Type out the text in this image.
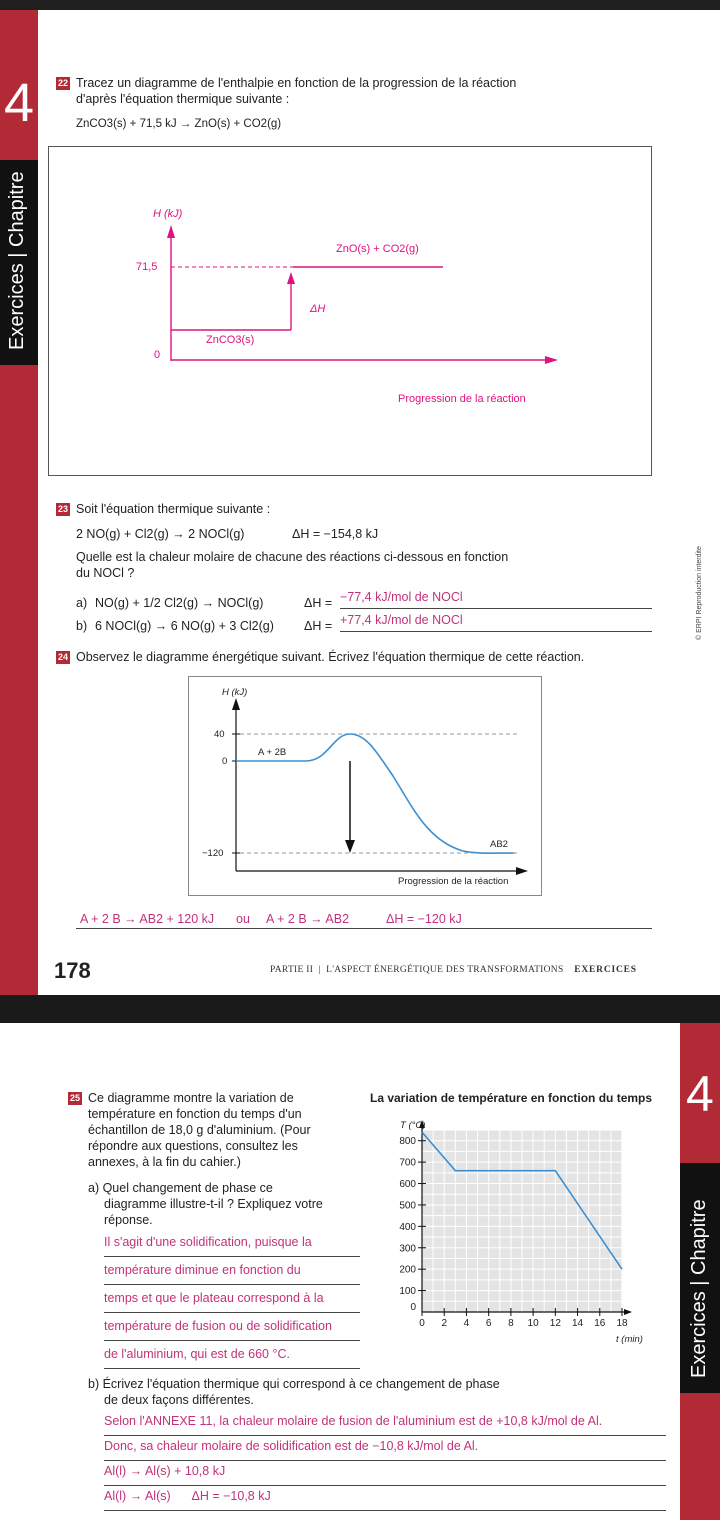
4
Exercices | Chapitre
22 Tracez un diagramme de l'enthalpie en fonction de la progression de la réaction
d'après l'équation thermique suivante :
ZnCO3(s) + 71,5 kJ → ZnO(s) + CO2(g)
H (kJ)
71,5
0
ZnCO3(s)
ZnO(s) + CO2(g)
ΔH
Progression de la réaction
23 Soit l'équation thermique suivante :
2 NO(g) + Cl2(g) → 2 NOCl(g)	ΔH = −154,8 kJ
Quelle est la chaleur molaire de chacune des réactions ci-dessous en fonction
du NOCl ?
a) NO(g) + 1/2 Cl2(g) → NOCl(g)	ΔH = −77,4 kJ/mol de NOCl
b) 6 NOCl(g) → 6 NO(g) + 3 Cl2(g) ΔH = +77,4 kJ/mol de NOCl
24 Observez le diagramme énergétique suivant. Écrivez l'équation thermique de cette réaction.
H (kJ)
40
0
−120
A + 2B
AB2
Progression de la réaction
A + 2 B → AB2 + 120 kJ ou A + 2 B → AB2	ΔH = −120 kJ
© ERPI Reproduction interdite
178	PARTIE II  |  L'ASPECT ÉNERGÉTIQUE DES TRANSFORMATIONS EXERCICES
4
Exercices | Chapitre
25 Ce diagramme montre la variation de
température en fonction du temps d'un
échantillon de 18,0 g d'aluminium. (Pour
répondre aux questions, consultez les
annexes, à la fin du cahier.)
a) Quel changement de phase ce
diagramme illustre-t-il ? Expliquez votre
réponse.
Il s'agit d'une solidification, puisque la
température diminue en fonction du
temps et que le plateau correspond à la
température de fusion ou de solidification
de l'aluminium, qui est de 660 °C.
La variation de température en fonction du temps
100
200
300
400
500
600
700
800
0
0 2 4 6 8 10 12 14 16 18
T (°C)
t (min)
b) Écrivez l'équation thermique qui correspond à ce changement de phase
de deux façons différentes.
Selon l'ANNEXE 11, la chaleur molaire de fusion de l'aluminium est de +10,8 kJ/mol de Al.
Donc, sa chaleur molaire de solidification est de −10,8 kJ/mol de Al.
Al(l) → Al(s) + 10,8 kJ
Al(l) → Al(s)      ΔH = −10,8 kJ
